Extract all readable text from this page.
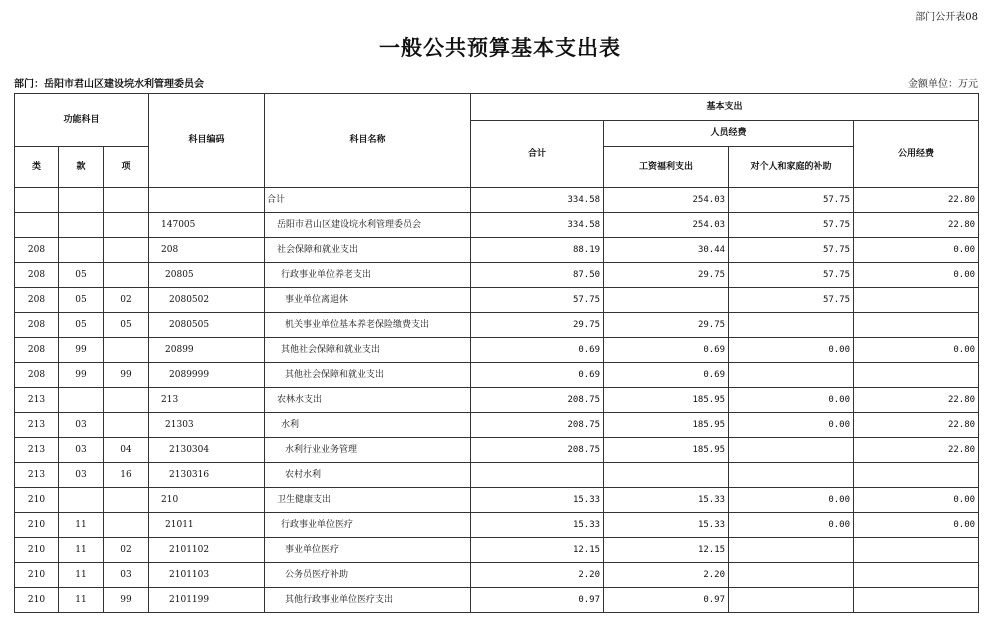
部门公开表08
一般公共预算基本支出表
部门：岳阳市君山区建设垸水利管理委员会	金额单位：万元
功能科目			科目编码	科目名称	基本支出			
					合计	人员经费		公用经费
类	款	项				工资福利支出	对个人和家庭的补助	
				合计	334.58	254.03	57.75	22.80
			147005	岳阳市君山区建设垸水利管理委员会	334.58	254.03	57.75	22.80
208			208	社会保障和就业支出	88.19	30.44	57.75	0.00
208	05		20805	行政事业单位养老支出	87.50	29.75	57.75	0.00
208	05	02	2080502	事业单位离退休	57.75		57.75	
208	05	05	2080505	机关事业单位基本养老保险缴费支出	29.75	29.75		
208	99		20899	其他社会保障和就业支出	0.69	0.69	0.00	0.00
208	99	99	2089999	其他社会保障和就业支出	0.69	0.69		
213			213	农林水支出	208.75	185.95	0.00	22.80
213	03		21303	水利	208.75	185.95	0.00	22.80
213	03	04	2130304	水利行业业务管理	208.75	185.95		22.80
213	03	16	2130316	农村水利				
210			210	卫生健康支出	15.33	15.33	0.00	0.00
210	11		21011	行政事业单位医疗	15.33	15.33	0.00	0.00
210	11	02	2101102	事业单位医疗	12.15	12.15		
210	11	03	2101103	公务员医疗补助	2.20	2.20		
210	11	99	2101199	其他行政事业单位医疗支出	0.97	0.97		
